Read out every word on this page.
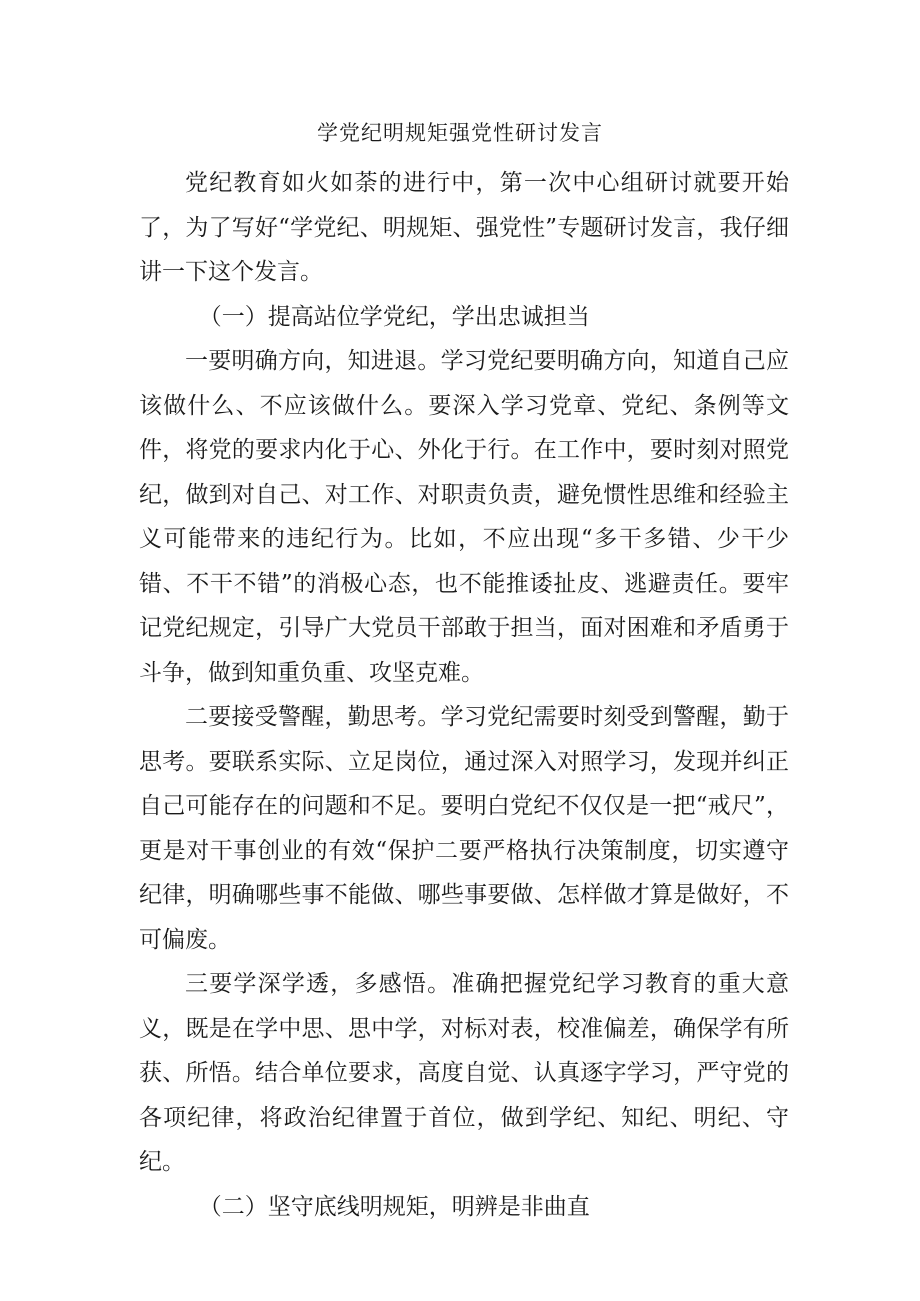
学党纪明规矩强党性研讨发言

党纪教育如火如荼的进行中，第一次中心组研讨就要开始了，为了写好“学党纪、明规矩、强党性”专题研讨发言，我仔细讲一下这个发言。

（一）提高站位学党纪，学出忠诚担当

一要明确方向，知进退。学习党纪要明确方向，知道自己应该做什么、不应该做什么。要深入学习党章、党纪、条例等文件，将党的要求内化于心、外化于行。在工作中，要时刻对照党纪，做到对自己、对工作、对职责负责，避免惯性思维和经验主义可能带来的违纪行为。比如，不应出现“多干多错、少干少错、不干不错”的消极心态，也不能推诿扯皮、逃避责任。要牢记党纪规定，引导广大党员干部敢于担当，面对困难和矛盾勇于斗争，做到知重负重、攻坚克难。

二要接受警醒，勤思考。学习党纪需要时刻受到警醒，勤于思考。要联系实际、立足岗位，通过深入对照学习，发现并纠正自己可能存在的问题和不足。要明白党纪不仅仅是一把“戒尺”，更是对干事创业的有效“保护二要严格执行决策制度，切实遵守纪律，明确哪些事不能做、哪些事要做、怎样做才算是做好，不可偏废。

三要学深学透，多感悟。准确把握党纪学习教育的重大意义，既是在学中思、思中学，对标对表，校准偏差，确保学有所获、所悟。结合单位要求，高度自觉、认真逐字学习，严守党的各项纪律，将政治纪律置于首位，做到学纪、知纪、明纪、守纪。

（二）坚守底线明规矩，明辨是非曲直
